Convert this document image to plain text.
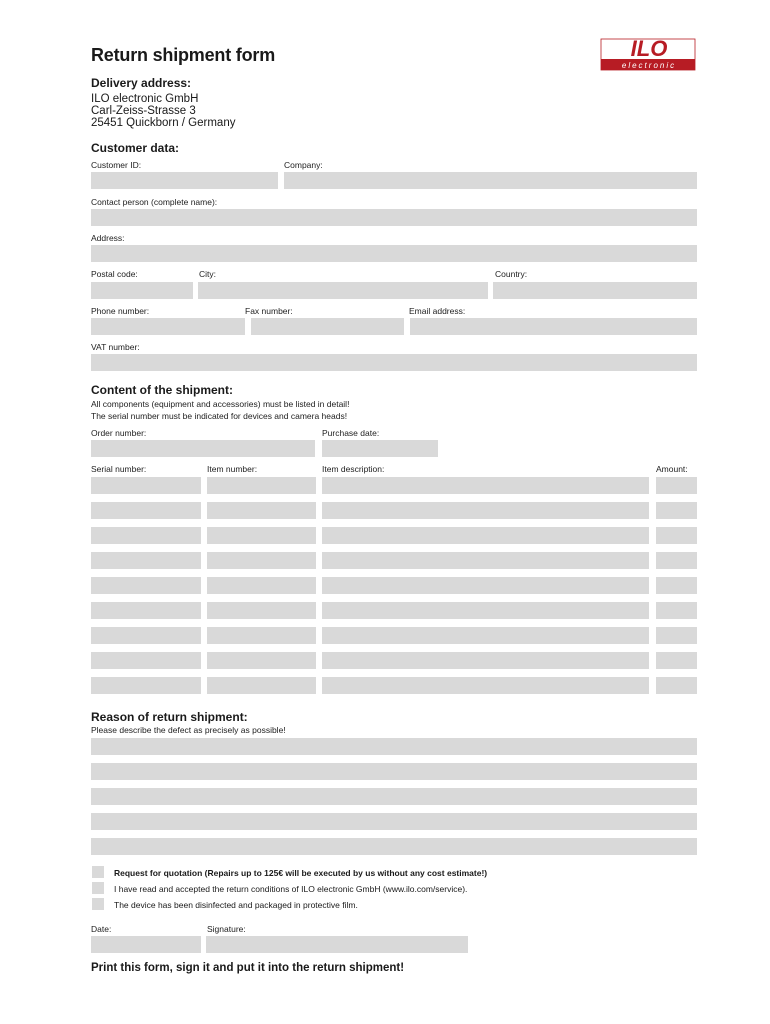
Return shipment form	ILO
electronic
Delivery address:
ILO electronic GmbH
Carl-Zeiss-Strasse 3
25451 Quickborn / Germany
Customer data:
Customer ID:	Company:
Contact person (complete name):
Address:
Postal code:	City:	Country:
Phone number:	Fax number:	Email address:
VAT number:
Content of the shipment:
All components (equipment and accessories) must be listed in detail!
The serial number must be indicated for devices and camera heads!
Order number:	Purchase date:
Serial number:	Item number:	Item description:	Amount:
Reason of return shipment:
Please describe the defect as precisely as possible!
Request for quotation (Repairs up to 125€ will be executed by us without any cost estimate!)
I have read and accepted the return conditions of ILO electronic GmbH (www.ilo.com/service).
The device has been disinfected and packaged in protective film.
Date:	Signature:
Print this form, sign it and put it into the return shipment!
